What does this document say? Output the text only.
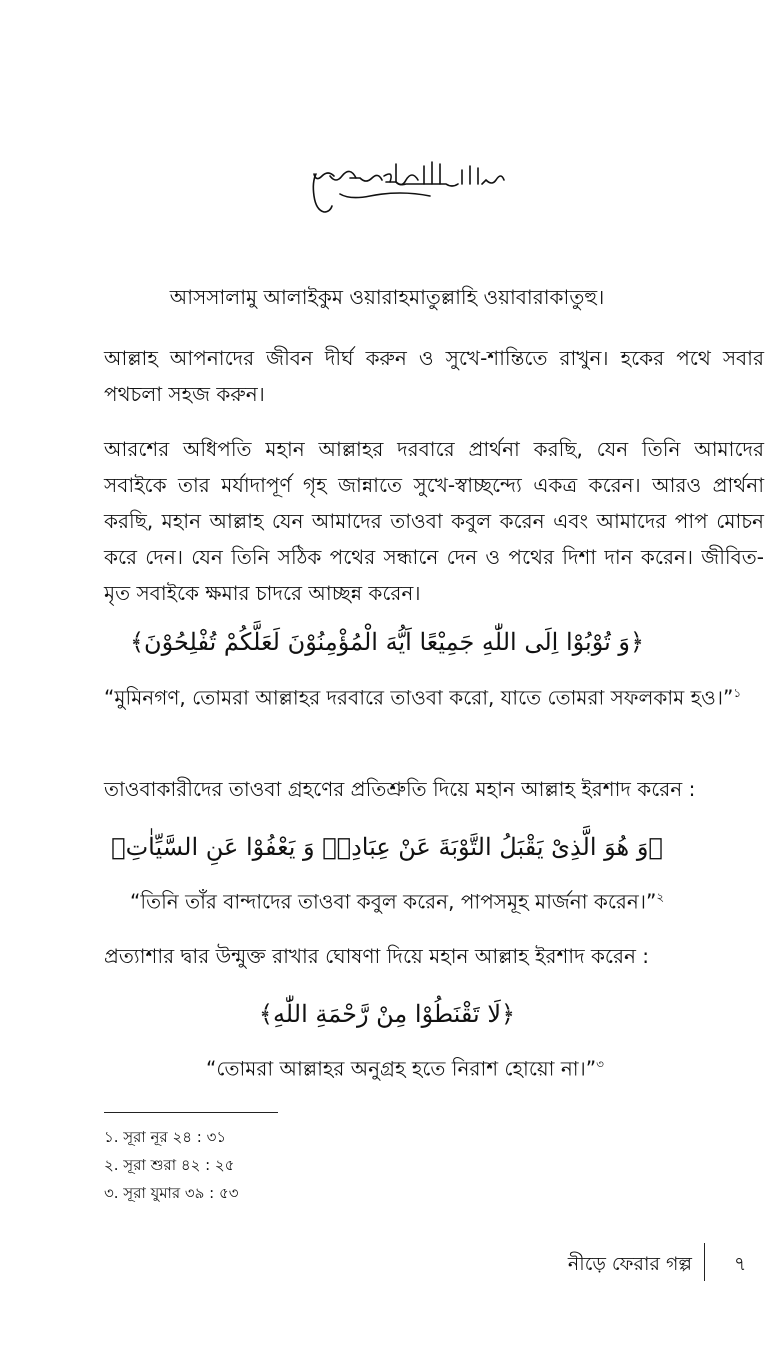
আসসালামু আলাইকুম ওয়ারাহমাতুল্লাহি ওয়াবারাকাতুহু।
আল্লাহ আপনাদের জীবন দীর্ঘ করুন ও সুখে-শান্তিতে রাখুন। হকের পথে সবার পথচলা সহজ করুন।
আরশের অধিপতি মহান আল্লাহর দরবারে প্রার্থনা করছি, যেন তিনি আমাদের সবাইকে তার মর্যাদাপূর্ণ গৃহ জান্নাতে সুখে-স্বাচ্ছন্দ্যে একত্র করেন। আরও প্রার্থনা করছি, মহান আল্লাহ যেন আমাদের তাওবা কবুল করেন এবং আমাদের পাপ মোচন করে দেন। যেন তিনি সঠিক পথের সন্ধানে দেন ও পথের দিশা দান করেন। জীবিত-মৃত সবাইকে ক্ষমার চাদরে আচ্ছন্ন করেন।
﴿وَ تُوْبُوْا اِلَى اللّٰهِ جَمِيْعًا اَيُّهَ الْمُؤْمِنُوْنَ لَعَلَّكُمْ تُفْلِحُوْنَ﴾
“মুমিনগণ, তোমরা আল্লাহর দরবারে তাওবা করো, যাতে তোমরা সফলকাম হও।”$^১$
তাওবাকারীদের তাওবা গ্রহণের প্রতিশ্রুতি দিয়ে মহান আল্লাহ ইরশাদ করেন :
﴿وَ هُوَ الَّذِىْ يَقْبَلُ التَّوْبَةَ عَنْ عِبَادِهٖ وَ يَعْفُوْا عَنِ السَّيِّاٰتِ﴾
“তিনি তাঁর বান্দাদের তাওবা কবুল করেন, পাপসমূহ মার্জনা করেন।”$^২$
প্রত্যাশার দ্বার উন্মুক্ত রাখার ঘোষণা দিয়ে মহান আল্লাহ ইরশাদ করেন :
﴿لَا تَقْنَطُوْا مِنْ رَّحْمَةِ اللّٰهِ﴾
“তোমরা আল্লাহর অনুগ্রহ হতে নিরাশ হোয়ো না।”$^৩$
১. সূরা নূর ২৪ : ৩১
২. সূরা শুরা ৪২ : ২৫
৩. সূরা যুমার ৩৯ : ৫৩
নীড়ে ফেরার গল্প ৭
